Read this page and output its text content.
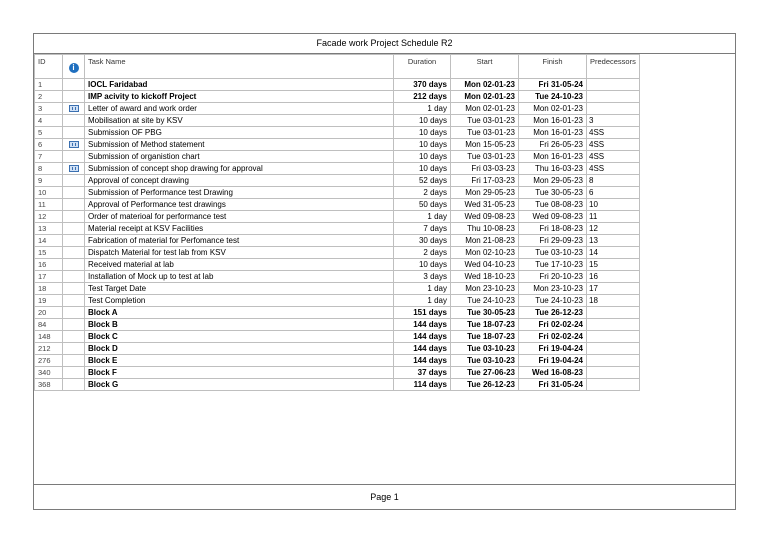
Facade work Project Schedule R2
ID	i	Task Name	Duration	Start	Finish	Predecessors
1		IOCL Faridabad	370 days	Mon 02-01-23	Fri 31-05-24	
2		IMP acivity to kickoff Project	212 days	Mon 02-01-23	Tue 24-10-23	
3		Letter of award and work order	1 day	Mon 02-01-23	Mon 02-01-23	
4		Mobilisation at site by KSV	10 days	Tue 03-01-23	Mon 16-01-23	3
5		Submission OF PBG	10 days	Tue 03-01-23	Mon 16-01-23	4SS
6		Submission of Method statement	10 days	Mon 15-05-23	Fri 26-05-23	4SS
7		Submission of organistion chart	10 days	Tue 03-01-23	Mon 16-01-23	4SS
8		Submission of concept shop drawing for approval	10 days	Fri 03-03-23	Thu 16-03-23	4SS
9		Approval of concept drawing	52 days	Fri 17-03-23	Mon 29-05-23	8
10		Submission of Performance test Drawing	2 days	Mon 29-05-23	Tue 30-05-23	6
11		Approval of Performance test drawings	50 days	Wed 31-05-23	Tue 08-08-23	10
12		Order of materioal for performance test	1 day	Wed 09-08-23	Wed 09-08-23	11
13		Material receipt at KSV Facilities	7 days	Thu 10-08-23	Fri 18-08-23	12
14		Fabrication of material for Perfomance test	30 days	Mon 21-08-23	Fri 29-09-23	13
15		Dispatch Material for test lab from KSV	2 days	Mon 02-10-23	Tue 03-10-23	14
16		Received material at lab	10 days	Wed 04-10-23	Tue 17-10-23	15
17		Installation of Mock up to test at lab	3 days	Wed 18-10-23	Fri 20-10-23	16
18		Test Target Date	1 day	Mon 23-10-23	Mon 23-10-23	17
19		Test Completion	1 day	Tue 24-10-23	Tue 24-10-23	18
20		Block A	151 days	Tue 30-05-23	Tue 26-12-23	
84		Block B	144 days	Tue 18-07-23	Fri 02-02-24	
148		Block C	144 days	Tue 18-07-23	Fri 02-02-24	
212		Block D	144 days	Tue 03-10-23	Fri 19-04-24	
276		Block E	144 days	Tue 03-10-23	Fri 19-04-24	
340		Block F	37 days	Tue 27-06-23	Wed 16-08-23	
368		Block G	114 days	Tue 26-12-23	Fri 31-05-24	
Page 1
